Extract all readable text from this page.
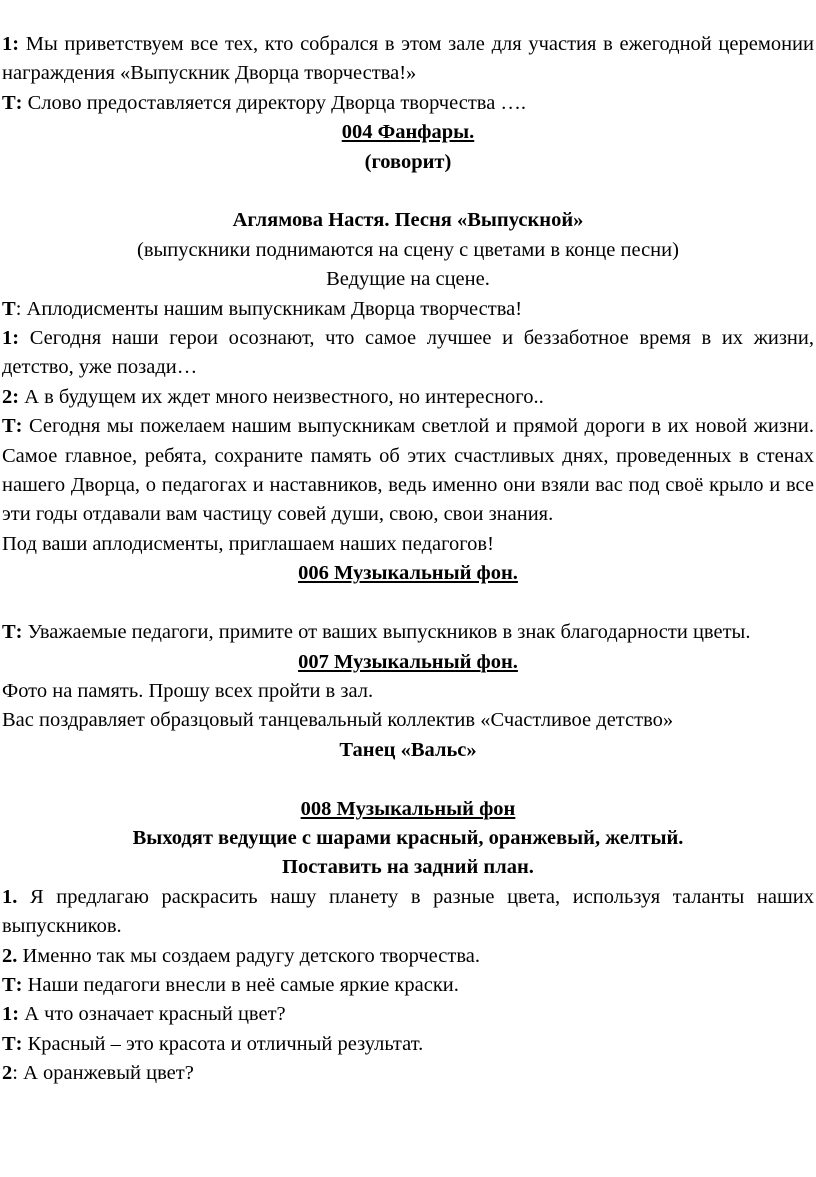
1: Мы приветствуем все тех, кто собрался в этом зале для участия в ежегодной церемонии награждения «Выпускник Дворца творчества!»

Т: Слово предоставляется директору Дворца творчества ….

004 Фанфары.

(говорит)

Аглямова Настя. Песня «Выпускной»

(выпускники поднимаются на сцену с цветами в конце песни)

Ведущие на сцене.

Т: Аплодисменты нашим выпускникам Дворца творчества!

1: Сегодня наши герои осознают, что самое лучшее и беззаботное время в их жизни, детство, уже позади…

2: А в будущем их ждет много неизвестного, но интересного..

Т: Сегодня мы пожелаем нашим выпускникам светлой и прямой дороги в их новой жизни. Самое главное, ребята, сохраните память об этих счастливых днях, проведенных в стенах нашего Дворца, о педагогах и наставников, ведь именно они взяли вас под своё крыло и все эти годы отдавали вам частицу совей души, свою, свои знания.

Под ваши аплодисменты, приглашаем наших педагогов!

006 Музыкальный фон.

Т: Уважаемые педагоги, примите от ваших выпускников в знак благодарности цветы.

007 Музыкальный фон.

Фото на память. Прошу всех пройти в зал.

Вас поздравляет образцовый танцевальный коллектив «Счастливое детство»

Танец «Вальс»

008 Музыкальный фон

Выходят ведущие с шарами красный, оранжевый, желтый.

Поставить на задний план.

1. Я предлагаю раскрасить нашу планету в разные цвета, используя таланты наших выпускников.

2. Именно так мы создаем радугу детского творчества.

Т: Наши педагоги внесли в неё самые яркие краски.

1: А что означает красный цвет?

Т: Красный – это красота и отличный результат.

2: А оранжевый цвет?
